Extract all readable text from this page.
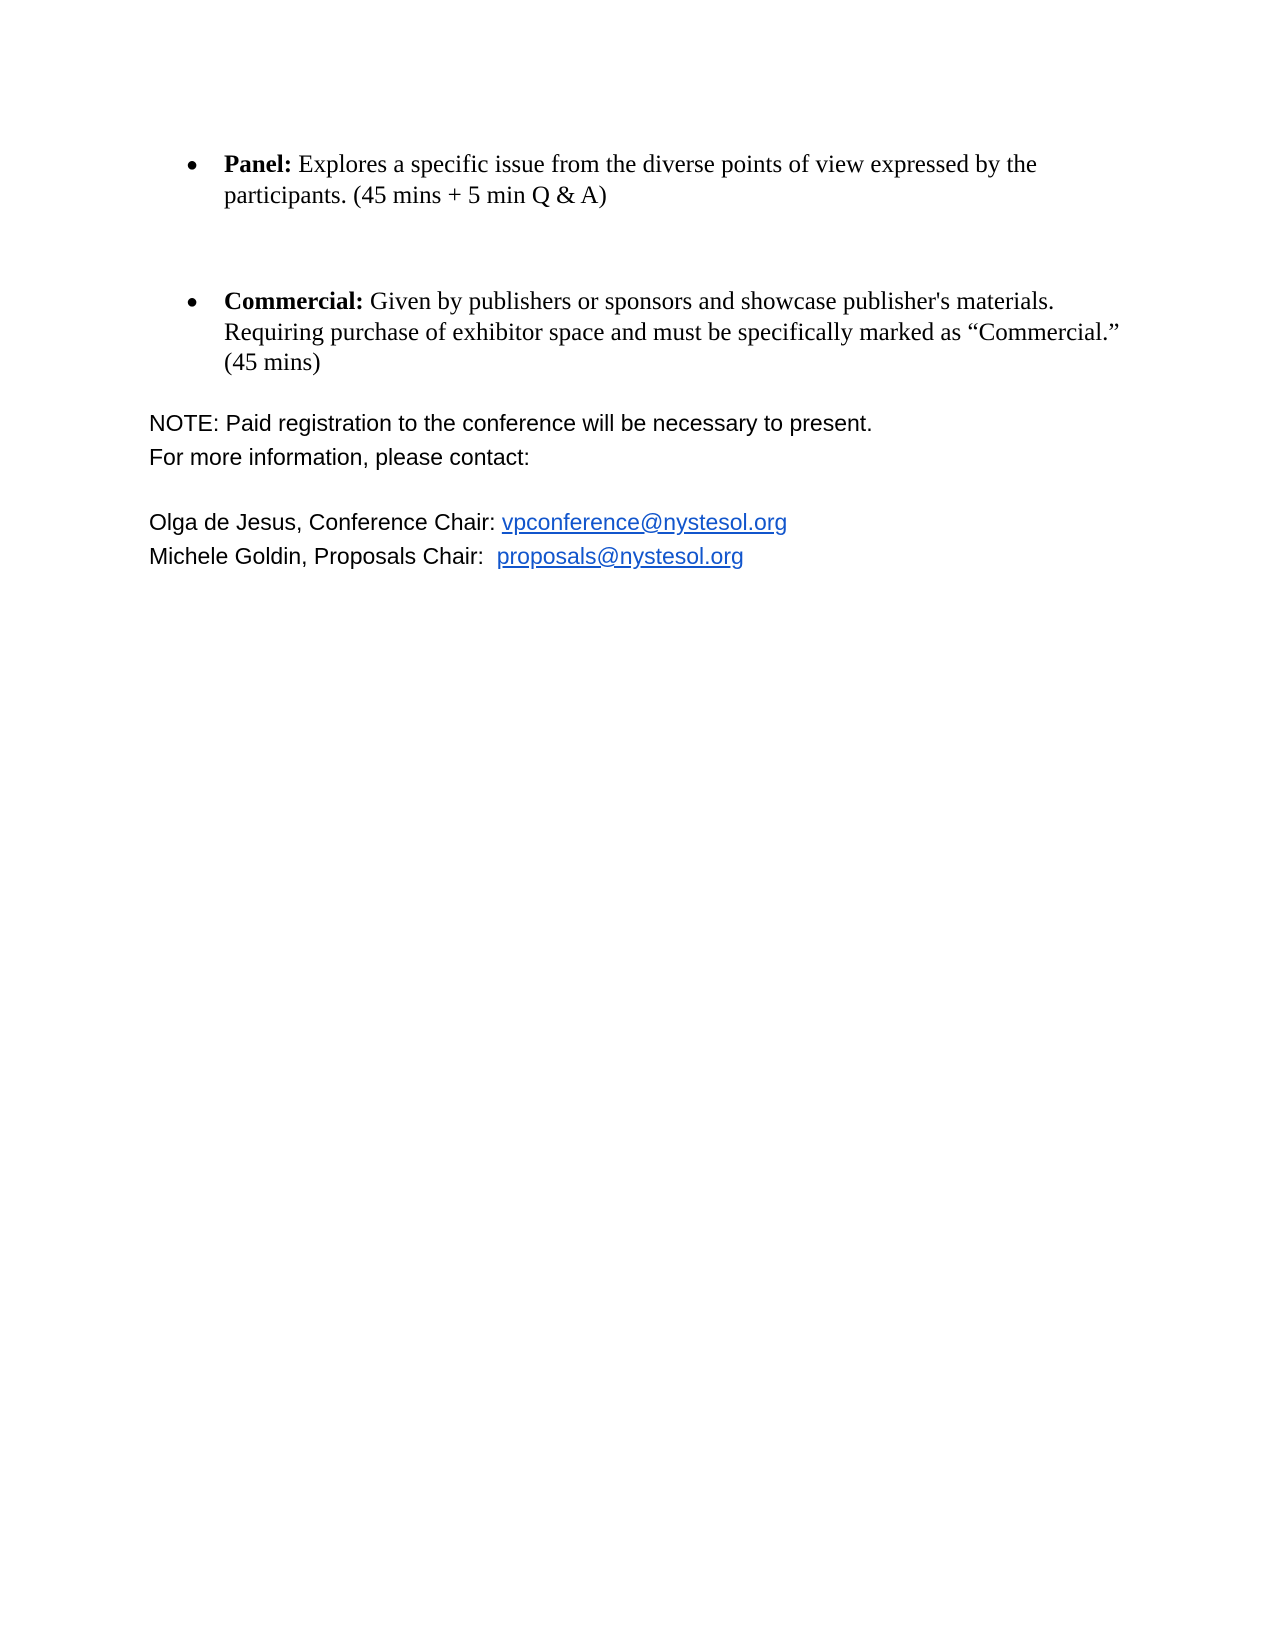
●	Panel: Explores a specific issue from the diverse points of view expressed by the participants. (45 mins + 5 min Q & A)
●	Commercial: Given by publishers or sponsors and showcase publisher's materials. Requiring purchase of exhibitor space and must be specifically marked as “Commercial.” (45 mins)
NOTE: Paid registration to the conference will be necessary to present.
For more information, please contact:
Olga de Jesus, Conference Chair: vpconference@nystesol.org
Michele Goldin, Proposals Chair:  proposals@nystesol.org
